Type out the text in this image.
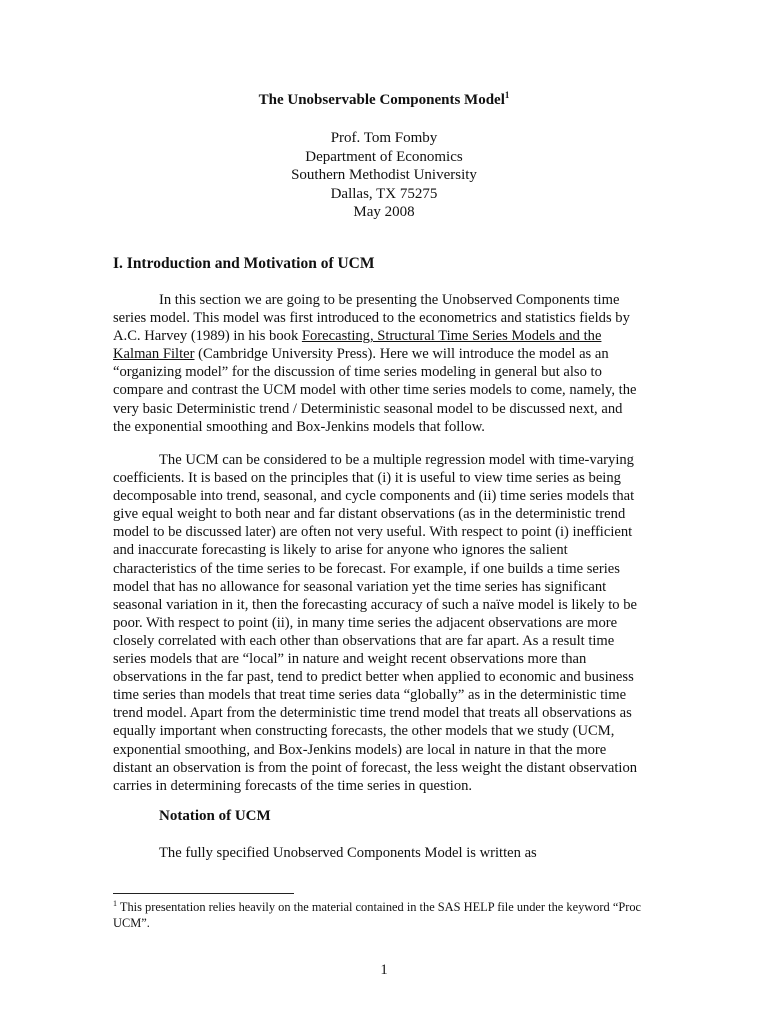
The Unobservable Components Model$^1$
Prof. Tom Fomby
Department of Economics
Southern Methodist University
Dallas, TX 75275
May 2008
I. Introduction and Motivation of UCM
In this section we are going to be presenting the Unobserved Components time
series model. This model was first introduced to the econometrics and statistics fields by
A.C. Harvey (1989) in his book Forecasting, Structural Time Series Models and the
Kalman Filter (Cambridge University Press). Here we will introduce the model as an
“organizing model” for the discussion of time series modeling in general but also to
compare and contrast the UCM model with other time series models to come, namely, the
very basic Deterministic trend / Deterministic seasonal model to be discussed next, and
the exponential smoothing and Box-Jenkins models that follow.
The UCM can be considered to be a multiple regression model with time-varying
coefficients. It is based on the principles that (i) it is useful to view time series as being
decomposable into trend, seasonal, and cycle components and (ii) time series models that
give equal weight to both near and far distant observations (as in the deterministic trend
model to be discussed later) are often not very useful. With respect to point (i) inefficient
and inaccurate forecasting is likely to arise for anyone who ignores the salient
characteristics of the time series to be forecast. For example, if one builds a time series
model that has no allowance for seasonal variation yet the time series has significant
seasonal variation in it, then the forecasting accuracy of such a naïve model is likely to be
poor. With respect to point (ii), in many time series the adjacent observations are more
closely correlated with each other than observations that are far apart. As a result time
series models that are “local” in nature and weight recent observations more than
observations in the far past, tend to predict better when applied to economic and business
time series than models that treat time series data “globally” as in the deterministic time
trend model. Apart from the deterministic time trend model that treats all observations as
equally important when constructing forecasts, the other models that we study (UCM,
exponential smoothing, and Box-Jenkins models) are local in nature in that the more
distant an observation is from the point of forecast, the less weight the distant observation
carries in determining forecasts of the time series in question.
Notation of UCM
The fully specified Unobserved Components Model is written as
$^1$ This presentation relies heavily on the material contained in the SAS HELP file under the keyword “Proc
UCM”.
1
